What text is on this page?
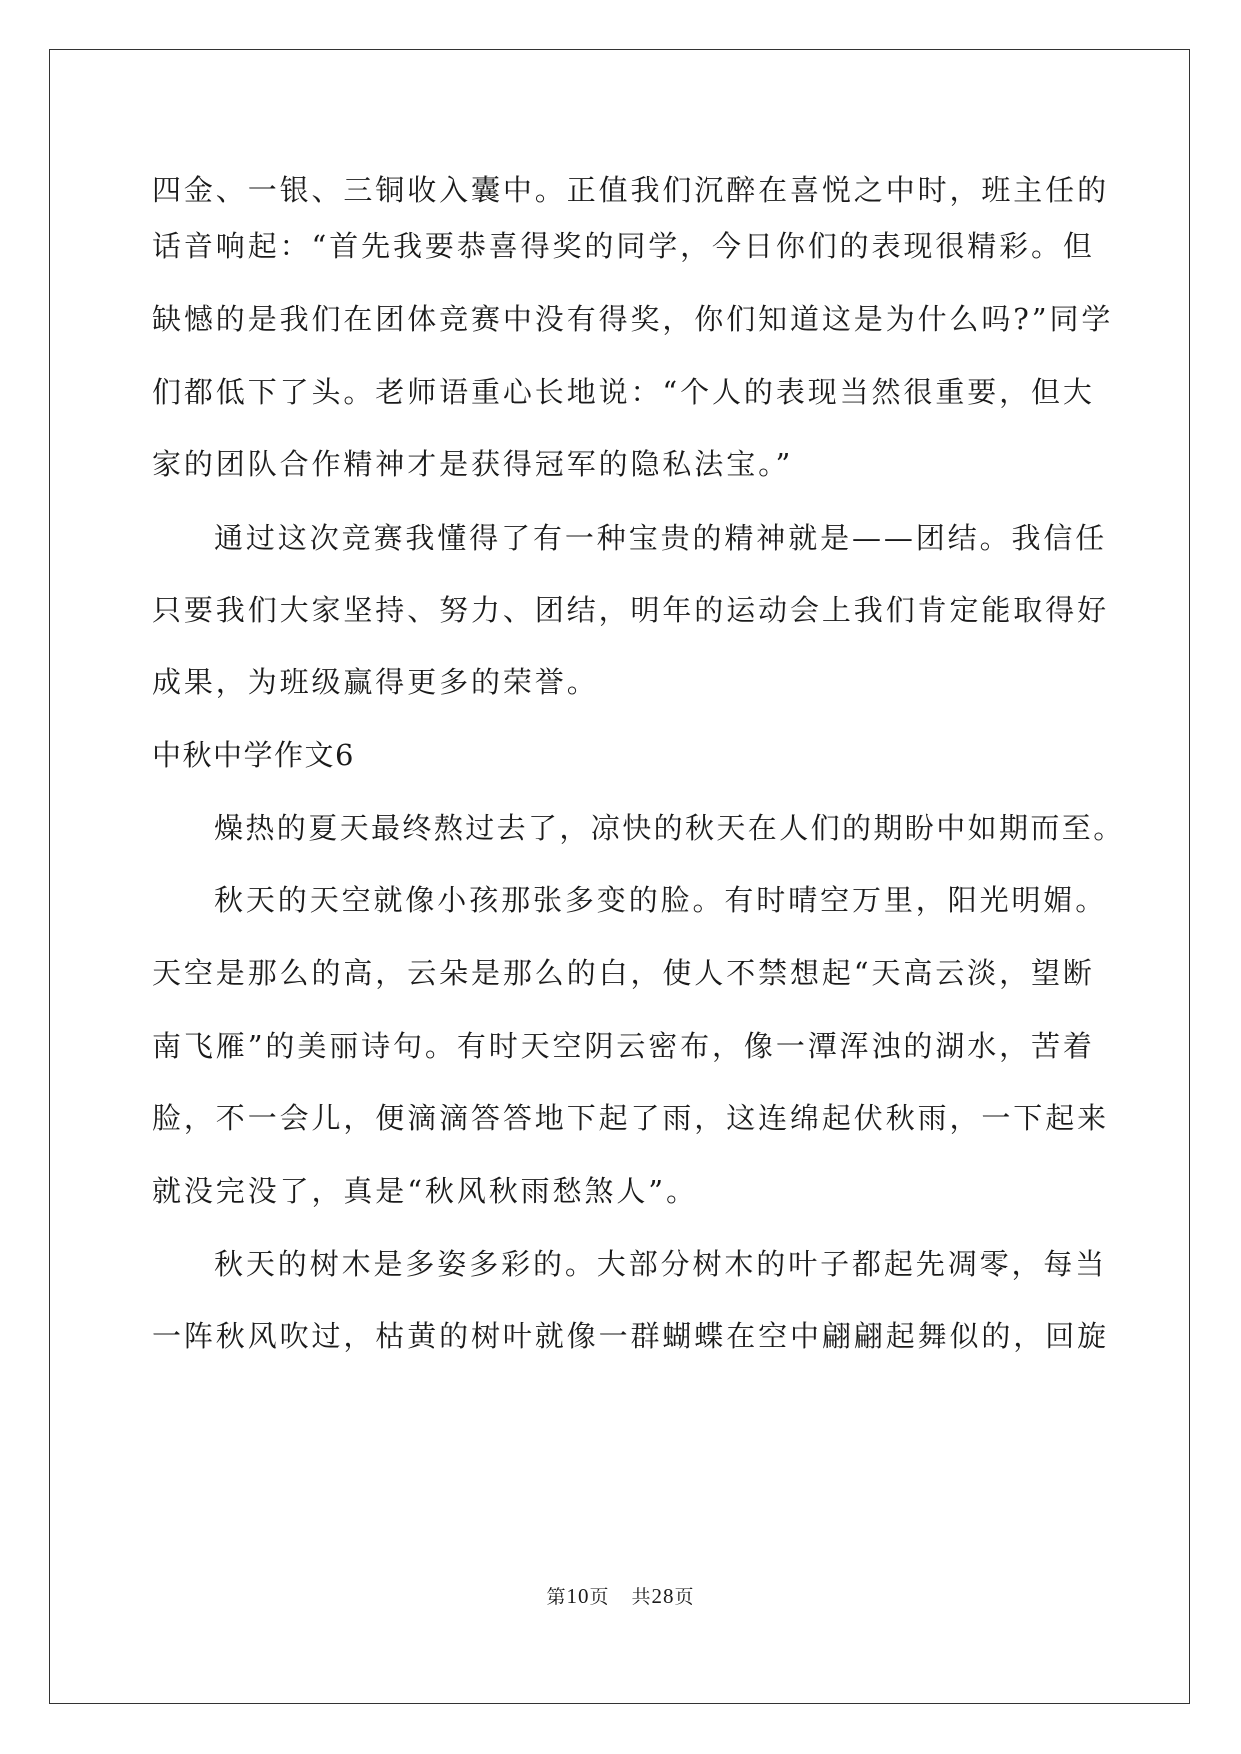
四金、一银、三铜收入囊中。正值我们沉醉在喜悦之中时，班主任的
话音响起：“首先我要恭喜得奖的同学，今日你们的表现很精彩。但
缺憾的是我们在团体竞赛中没有得奖，你们知道这是为什么吗?”同学
们都低下了头。老师语重心长地说：“个人的表现当然很重要，但大
家的团队合作精神才是获得冠军的隐私法宝。”
通过这次竞赛我懂得了有一种宝贵的精神就是——团结。我信任
只要我们大家坚持、努力、团结，明年的运动会上我们肯定能取得好
成果，为班级赢得更多的荣誉。
中秋中学作文6
燥热的夏天最终熬过去了，凉快的秋天在人们的期盼中如期而至。
秋天的天空就像小孩那张多变的脸。有时晴空万里，阳光明媚。
天空是那么的高，云朵是那么的白，使人不禁想起“天高云淡，望断
南飞雁”的美丽诗句。有时天空阴云密布，像一潭浑浊的湖水，苦着
脸，不一会儿，便滴滴答答地下起了雨，这连绵起伏秋雨，一下起来
就没完没了，真是“秋风秋雨愁煞人”。
秋天的树木是多姿多彩的。大部分树木的叶子都起先凋零，每当
一阵秋风吹过，枯黄的树叶就像一群蝴蝶在空中翩翩起舞似的，回旋
第10页 共28页
